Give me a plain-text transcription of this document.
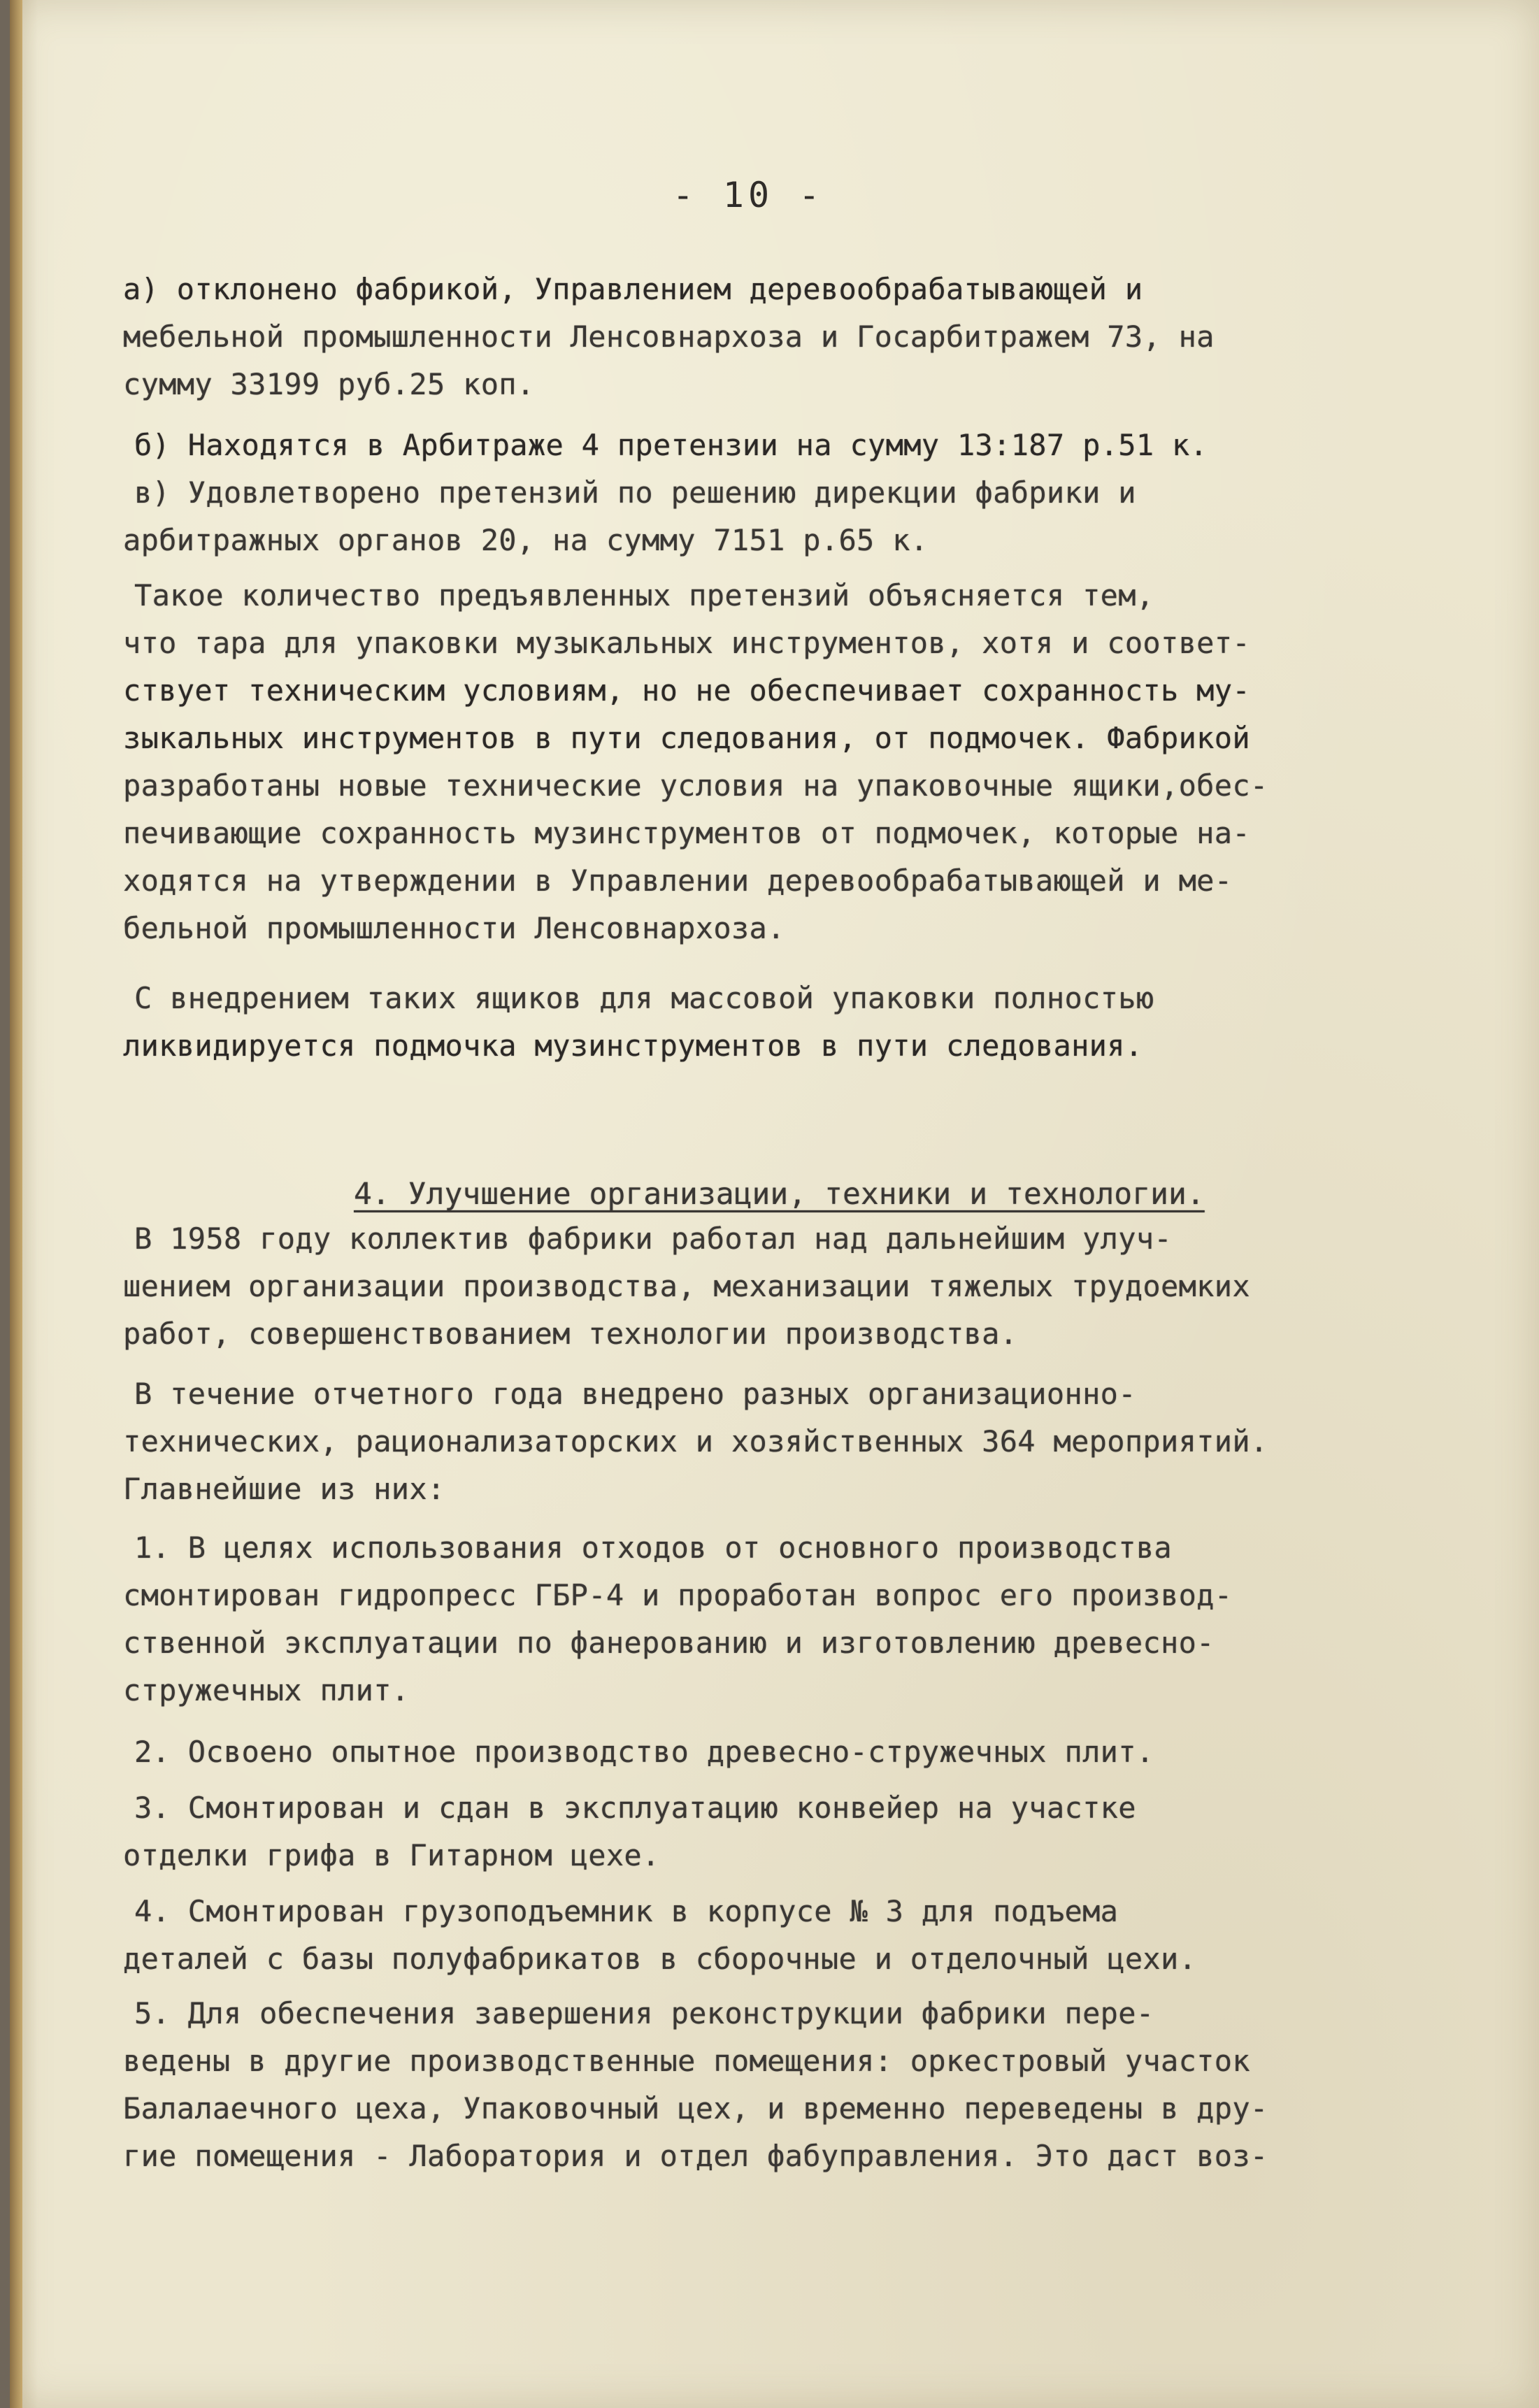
- 10 -
а) отклонено фабрикой, Управлением деревообрабатывающей и
мебельной промышленности Ленсовнархоза и Госарбитражем 73, на
сумму 33199 руб.25 коп.
б) Находятся в Арбитраже 4 претензии на сумму 13:187 р.51 к.
в) Удовлетворено претензий по решению дирекции фабрики и
арбитражных органов 20, на сумму 7151 р.65 к.
Такое количество предъявленных претензий объясняется тем,
что тара для упаковки музыкальных инструментов, хотя и соответ-
ствует техническим условиям, но не обеспечивает сохранность му-
зыкальных инструментов в пути следования, от подмочек. Фабрикой
разработаны новые технические условия на упаковочные ящики,обес-
печивающие сохранность музинструментов от подмочек, которые на-
ходятся на утверждении в Управлении деревообрабатывающей и ме-
бельной промышленности Ленсовнархоза.
С внедрением таких ящиков для массовой упаковки полностью
ликвидируется подмочка музинструментов в пути следования.
4. Улучшение организации, техники и технологии.
В 1958 году коллектив фабрики работал над дальнейшим улуч-
шением организации производства, механизации тяжелых трудоемких
работ, совершенствованием технологии производства.
В течение отчетного года внедрено разных организационно-
технических, рационализаторских и хозяйственных 364 мероприятий.
Главнейшие из них:
1. В целях использования отходов от основного производства
смонтирован гидропресс ГБР-4 и проработан вопрос его производ-
ственной эксплуатации по фанерованию и изготовлению древесно-
стружечных плит.
2. Освоено опытное производство древесно-стружечных плит.
3. Смонтирован и сдан в эксплуатацию конвейер на участке
отделки грифа в Гитарном цехе.
4. Смонтирован грузоподъемник в корпусе № 3 для подъема
деталей с базы полуфабрикатов в сборочные и отделочный цехи.
5. Для обеспечения завершения реконструкции фабрики пере-
ведены в другие производственные помещения: оркестровый участок
Балалаечного цеха, Упаковочный цех, и временно переведены в дру-
гие помещения - Лаборатория и отдел фабуправления. Это даст воз-
